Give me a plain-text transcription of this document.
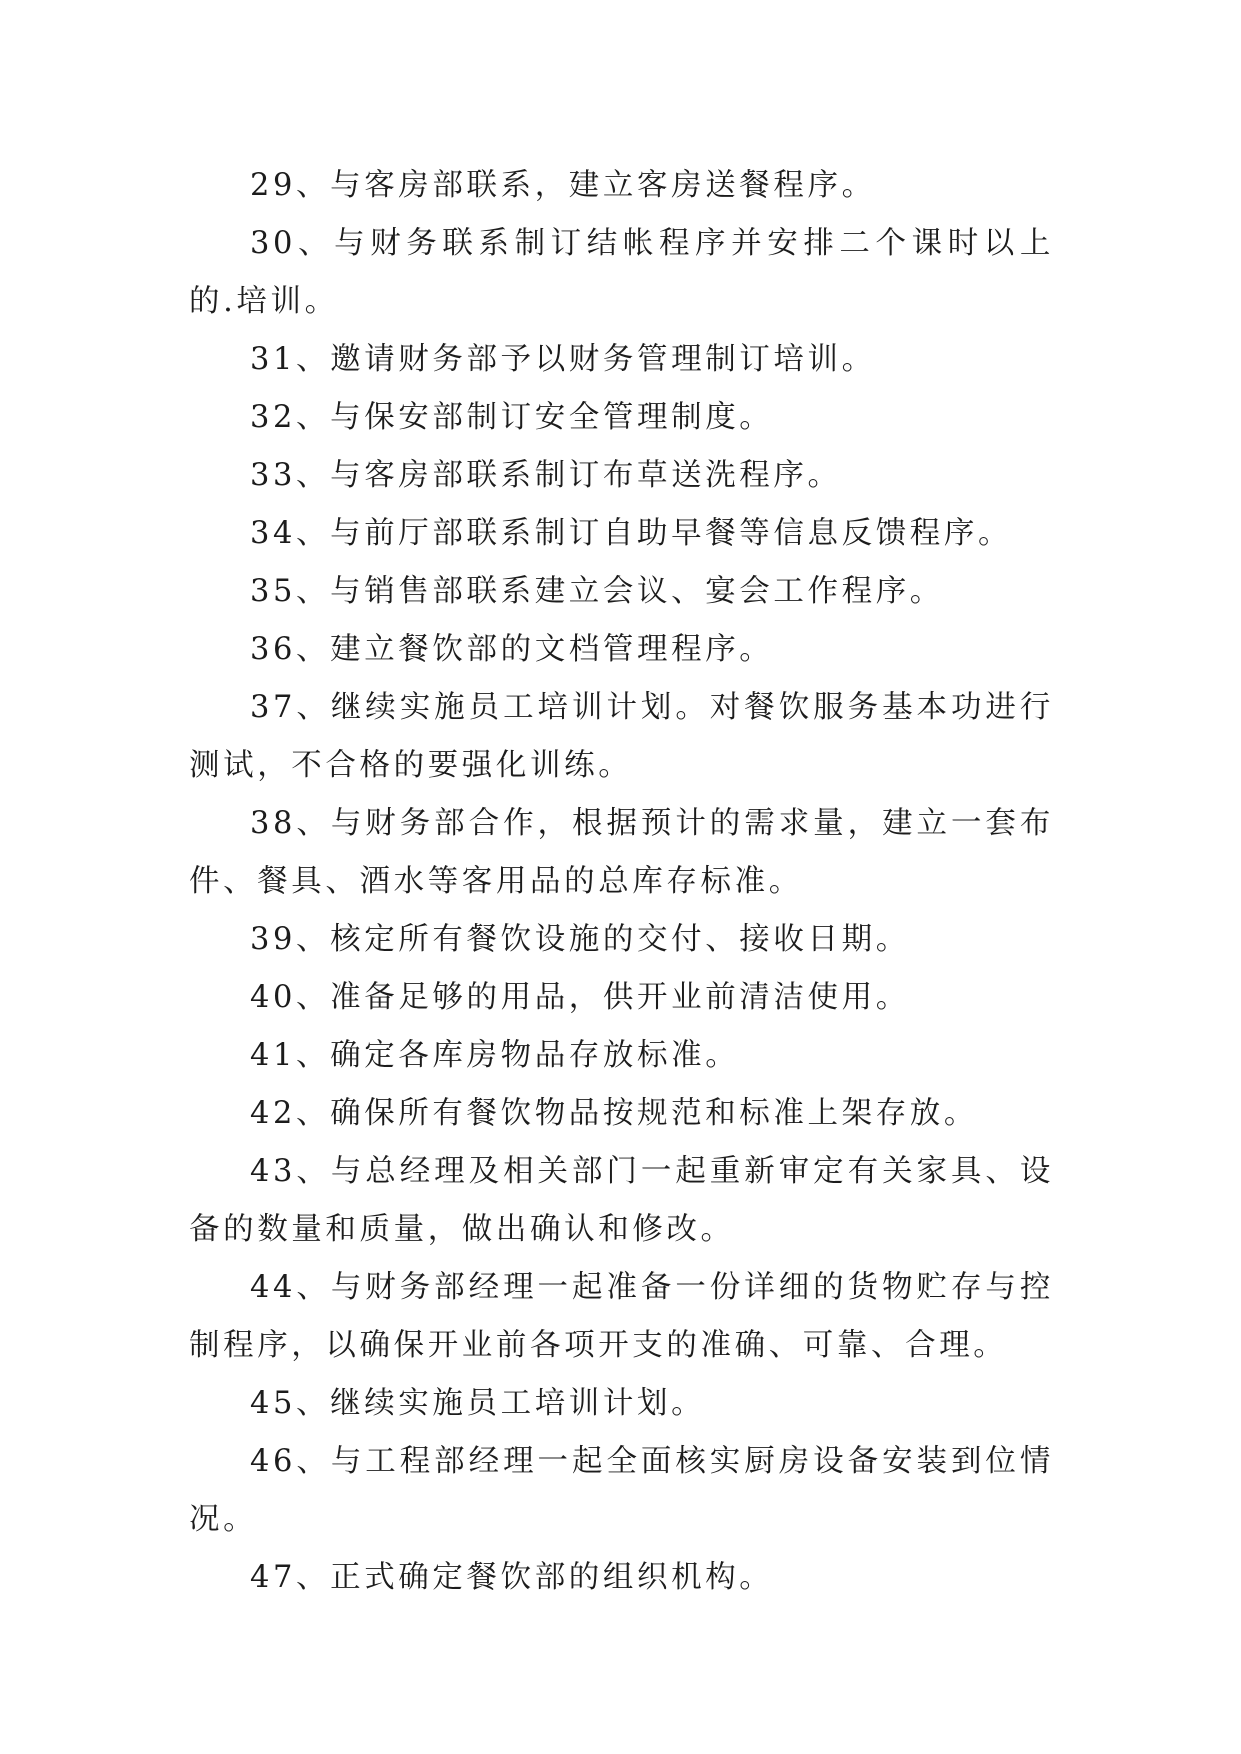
29、与客房部联系，建立客房送餐程序。

30、与财务联系制订结帐程序并安排二个课时以上的.培训。

31、邀请财务部予以财务管理制订培训。

32、与保安部制订安全管理制度。

33、与客房部联系制订布草送洗程序。

34、与前厅部联系制订自助早餐等信息反馈程序。

35、与销售部联系建立会议、宴会工作程序。

36、建立餐饮部的文档管理程序。

37、继续实施员工培训计划。对餐饮服务基本功进行测试，不合格的要强化训练。

38、与财务部合作，根据预计的需求量，建立一套布件、餐具、酒水等客用品的总库存标准。

39、核定所有餐饮设施的交付、接收日期。

40、准备足够的用品，供开业前清洁使用。

41、确定各库房物品存放标准。

42、确保所有餐饮物品按规范和标准上架存放。

43、与总经理及相关部门一起重新审定有关家具、设备的数量和质量，做出确认和修改。

44、与财务部经理一起准备一份详细的货物贮存与控制程序，以确保开业前各项开支的准确、可靠、合理。

45、继续实施员工培训计划。

46、与工程部经理一起全面核实厨房设备安装到位情况。

47、正式确定餐饮部的组织机构。
